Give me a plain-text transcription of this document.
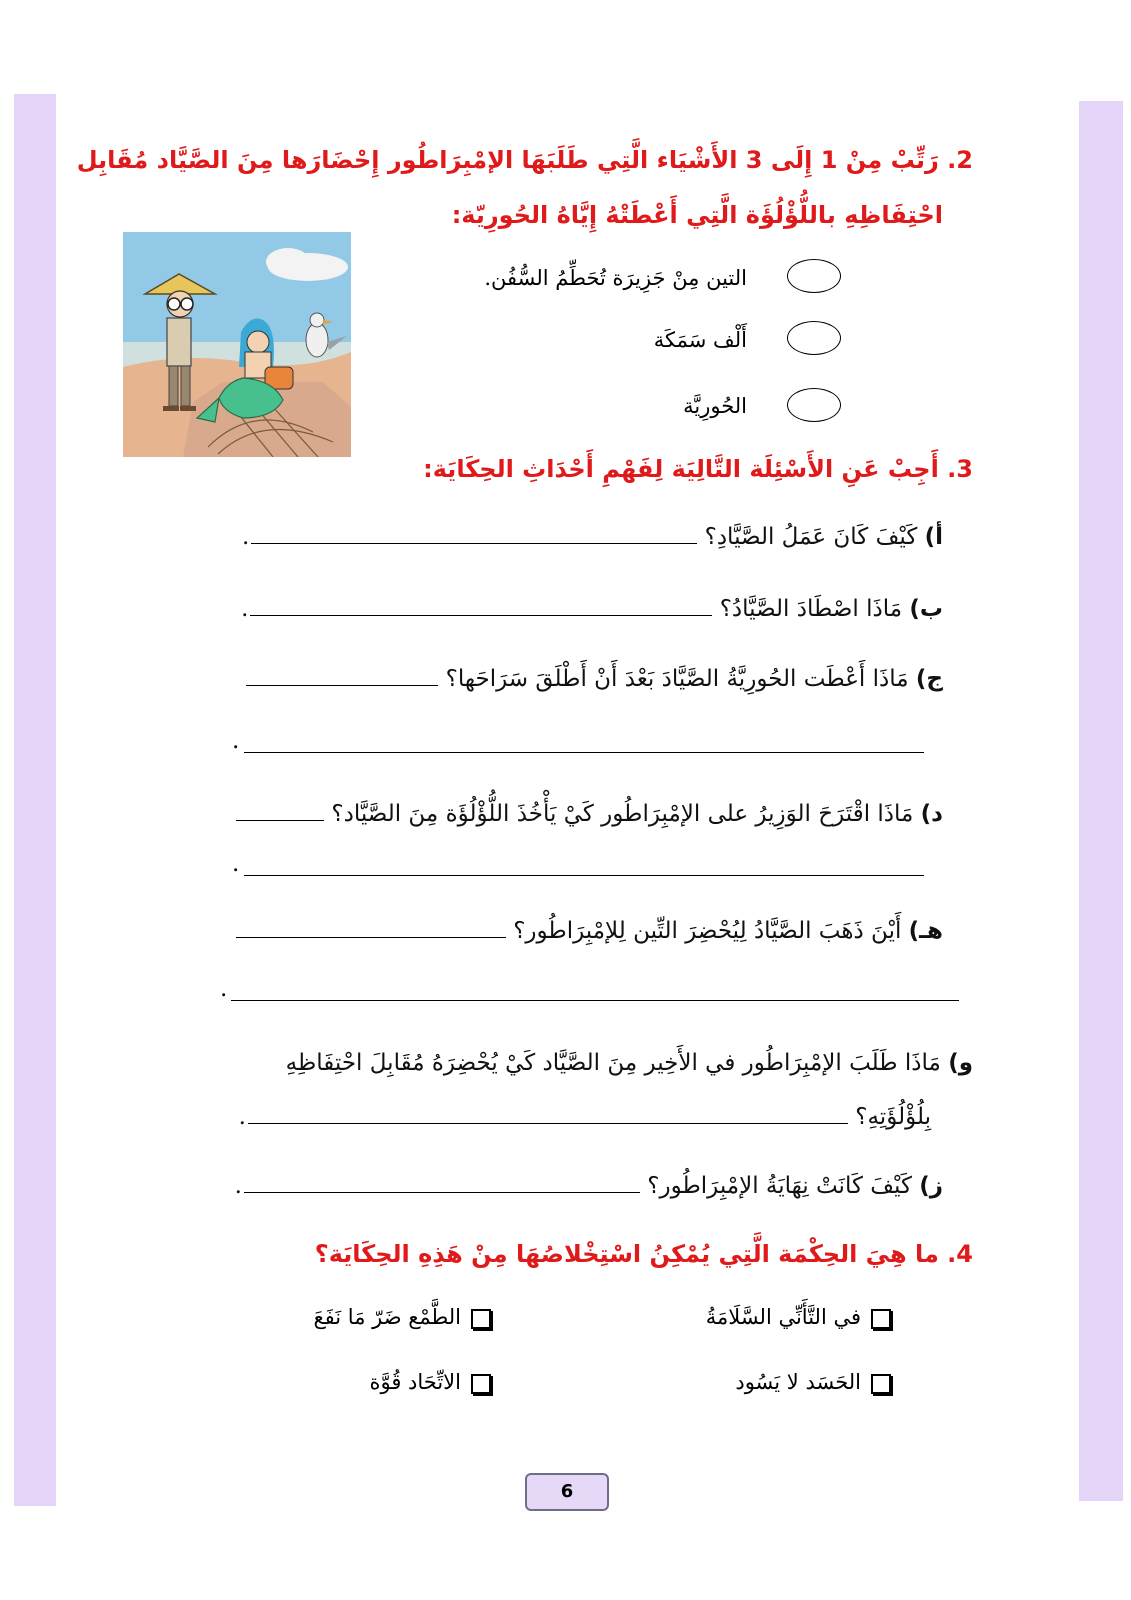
2. رَتِّبْ مِنْ 1 إِلَى 3 الأَشْيَاء الَّتِي طَلَبَهَا الإمْبِرَاطُور إِحْضَارَها مِنَ الصَّيَّاد مُقَابِل
احْتِفَاظِهِ باللُّؤْلُؤَة الَّتِي أَعْطَتْهُ إِيَّاهُ الحُورِيّة:
التين مِنْ جَزِيرَة تُحَطِّمُ السُّفُن.
أَلْف سَمَكَة
الحُورِيَّة
3. أَجِبْ عَنِ الأَسْئِلَة التَّالِيَة لِفَهْمِ أَحْدَاثِ الحِكَايَة:
أ) كَيْفَ كَانَ عَمَلُ الصَّيَّادِ؟ .
ب) مَاذَا اصْطَادَ الصَّيَّادُ؟ .
ج) مَاذَا أَعْطَت الحُورِيَّةُ الصَّيَّادَ بَعْدَ أَنْ أَطْلَقَ سَرَاحَها؟
.
د) مَاذَا اقْتَرَحَ الوَزِيرُ على الإمْبِرَاطُور كَيْ يَأْخُذَ اللُّؤْلُؤَة مِنَ الصَّيَّاد؟
.
هـ) أَيْنَ ذَهَبَ الصَّيَّادُ لِيُحْضِرَ التِّين لِلإمْبِرَاطُور؟
.
و) مَاذَا طَلَبَ الإمْبِرَاطُور في الأَخِير مِنَ الصَّيَّاد كَيْ يُحْضِرَهُ مُقَابِلَ احْتِفَاظِهِ
بِلُؤْلُؤَتِهِ؟ .
ز) كَيْفَ كَانَتْ نِهَايَةُ الإمْبِرَاطُور؟ .
4. ما هِيَ الحِكْمَة الَّتِي يُمْكِنُ اسْتِخْلاصُهَا مِنْ هَذِهِ الحِكَايَة؟
في التَّأَنِّي السَّلَامَةُ
الطَّمْع ضَرّ مَا نَفَعَ
الحَسَد لا يَسُود
الاتِّحَاد قُوَّة
6
